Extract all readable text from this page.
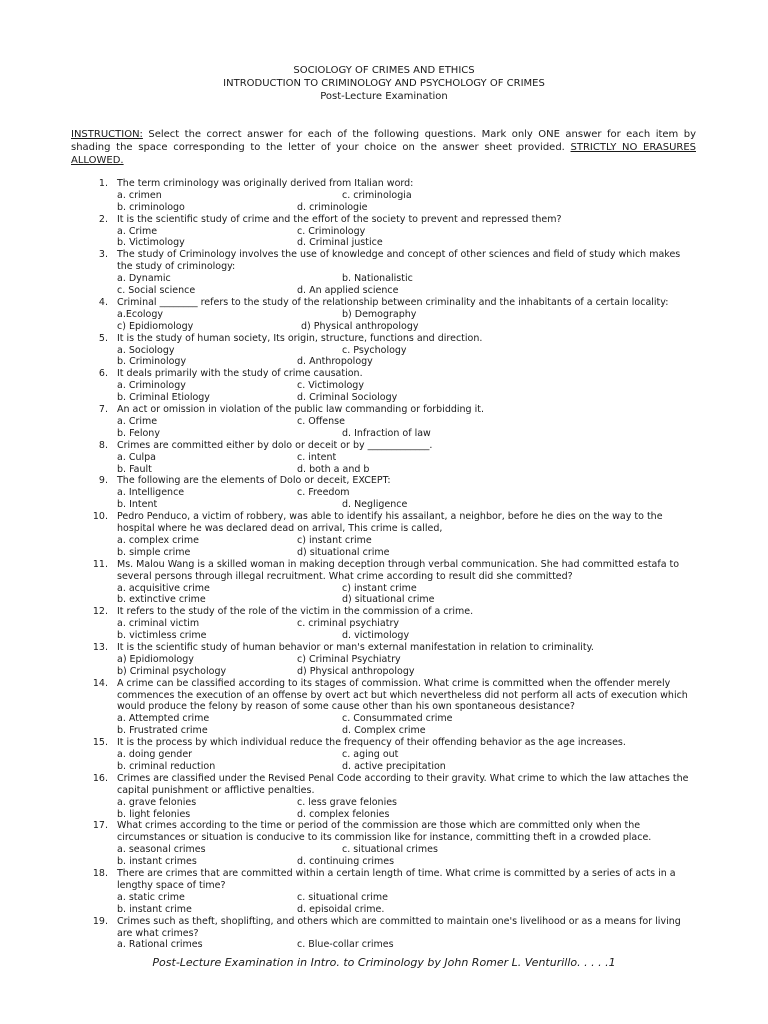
SOCIOLOGY OF CRIMES AND ETHICS
INTRODUCTION TO CRIMINOLOGY AND PSYCHOLOGY OF CRIMES
Post-Lecture Examination
INSTRUCTION: Select the correct answer for each of the following questions. Mark only ONE answer for each item by shading the space corresponding to the letter of your choice on the answer sheet provided. STRICTLY NO ERASURES ALLOWED.
1. The term criminology was originally derived from Italian word:
a. crimen	c. criminologia
b. criminologo	d. criminologie
2. It is the scientific study of crime and the effort of the society to prevent and repressed them?
a. Crime	c. Criminology
b. Victimology	d. Criminal justice
3. The study of Criminology involves the use of knowledge and concept of other sciences and field of study which makes the study of criminology:
a. Dynamic	b. Nationalistic
c. Social science	d. An applied science
4. Criminal ________ refers to the study of the relationship between criminality and the inhabitants of a certain locality:
a.Ecology	b) Demography
c) Epidiomology	d) Physical anthropology
5. It is the study of human society, Its origin, structure, functions and direction.
a. Sociology	c. Psychology
b. Criminology	d. Anthropology
6. It deals primarily with the study of crime causation.
a. Criminology	c. Victimology
b. Criminal Etiology	d. Criminal Sociology
7. An act or omission in violation of the public law commanding or forbidding it.
a. Crime	c. Offense
b. Felony	d. Infraction of law
8. Crimes are committed either by dolo or deceit or by _____________.
a. Culpa	c. intent
b. Fault	d. both a and b
9. The following are the elements of Dolo or deceit, EXCEPT:
a. Intelligence	c. Freedom
b. Intent	d. Negligence
10. Pedro Penduco, a victim of robbery, was able to identify his assailant, a neighbor, before he dies on the way to the hospital where he was declared dead on arrival, This crime is called,
a. complex crime	c) instant crime
b. simple crime	d) situational crime
11. Ms. Malou Wang is a skilled woman in making deception through verbal communication. She had committed estafa to several persons through illegal recruitment. What crime according to result did she committed?
a. acquisitive crime	c) instant crime
b. extinctive crime	d) situational crime
12. It refers to the study of the role of the victim in the commission of a crime.
a. criminal victim	c. criminal psychiatry
b. victimless crime	d. victimology
13. It is the scientific study of human behavior or man's external manifestation in relation to criminality.
a) Epidiomology	c) Criminal Psychiatry
b) Criminal psychology	d) Physical anthropology
14. A crime can be classified according to its stages of commission. What crime is committed when the offender merely commences the execution of an offense by overt act but which nevertheless did not perform all acts of execution which would produce the felony by reason of some cause other than his own spontaneous desistance?
a. Attempted crime	c. Consummated crime
b. Frustrated crime	d. Complex crime
15. It is the process by which individual reduce the frequency of their offending behavior as the age increases.
a. doing gender	c. aging out
b. criminal reduction	d. active precipitation
16. Crimes are classified under the Revised Penal Code according to their gravity. What crime to which the law attaches the capital punishment or afflictive penalties.
a. grave felonies	c. less grave felonies
b. light felonies	d. complex felonies
17. What crimes according to the time or period of the commission are those which are committed only when the circumstances or situation is conducive to its commission like for instance, committing theft in a crowded place.
a. seasonal crimes	c. situational crimes
b. instant crimes	d. continuing crimes
18. There are crimes that are committed within a certain length of time. What crime is committed by a series of acts in a lengthy space of time?
a. static crime	c. situational crime
b. instant crime	d. episoidal crime.
19. Crimes such as theft, shoplifting, and others which are committed to maintain one's livelihood or as a means for living are what crimes?
a. Rational crimes	c. Blue-collar crimes
Post-Lecture Examination in Intro. to Criminology by John Romer L. Venturillo. . . . .1
